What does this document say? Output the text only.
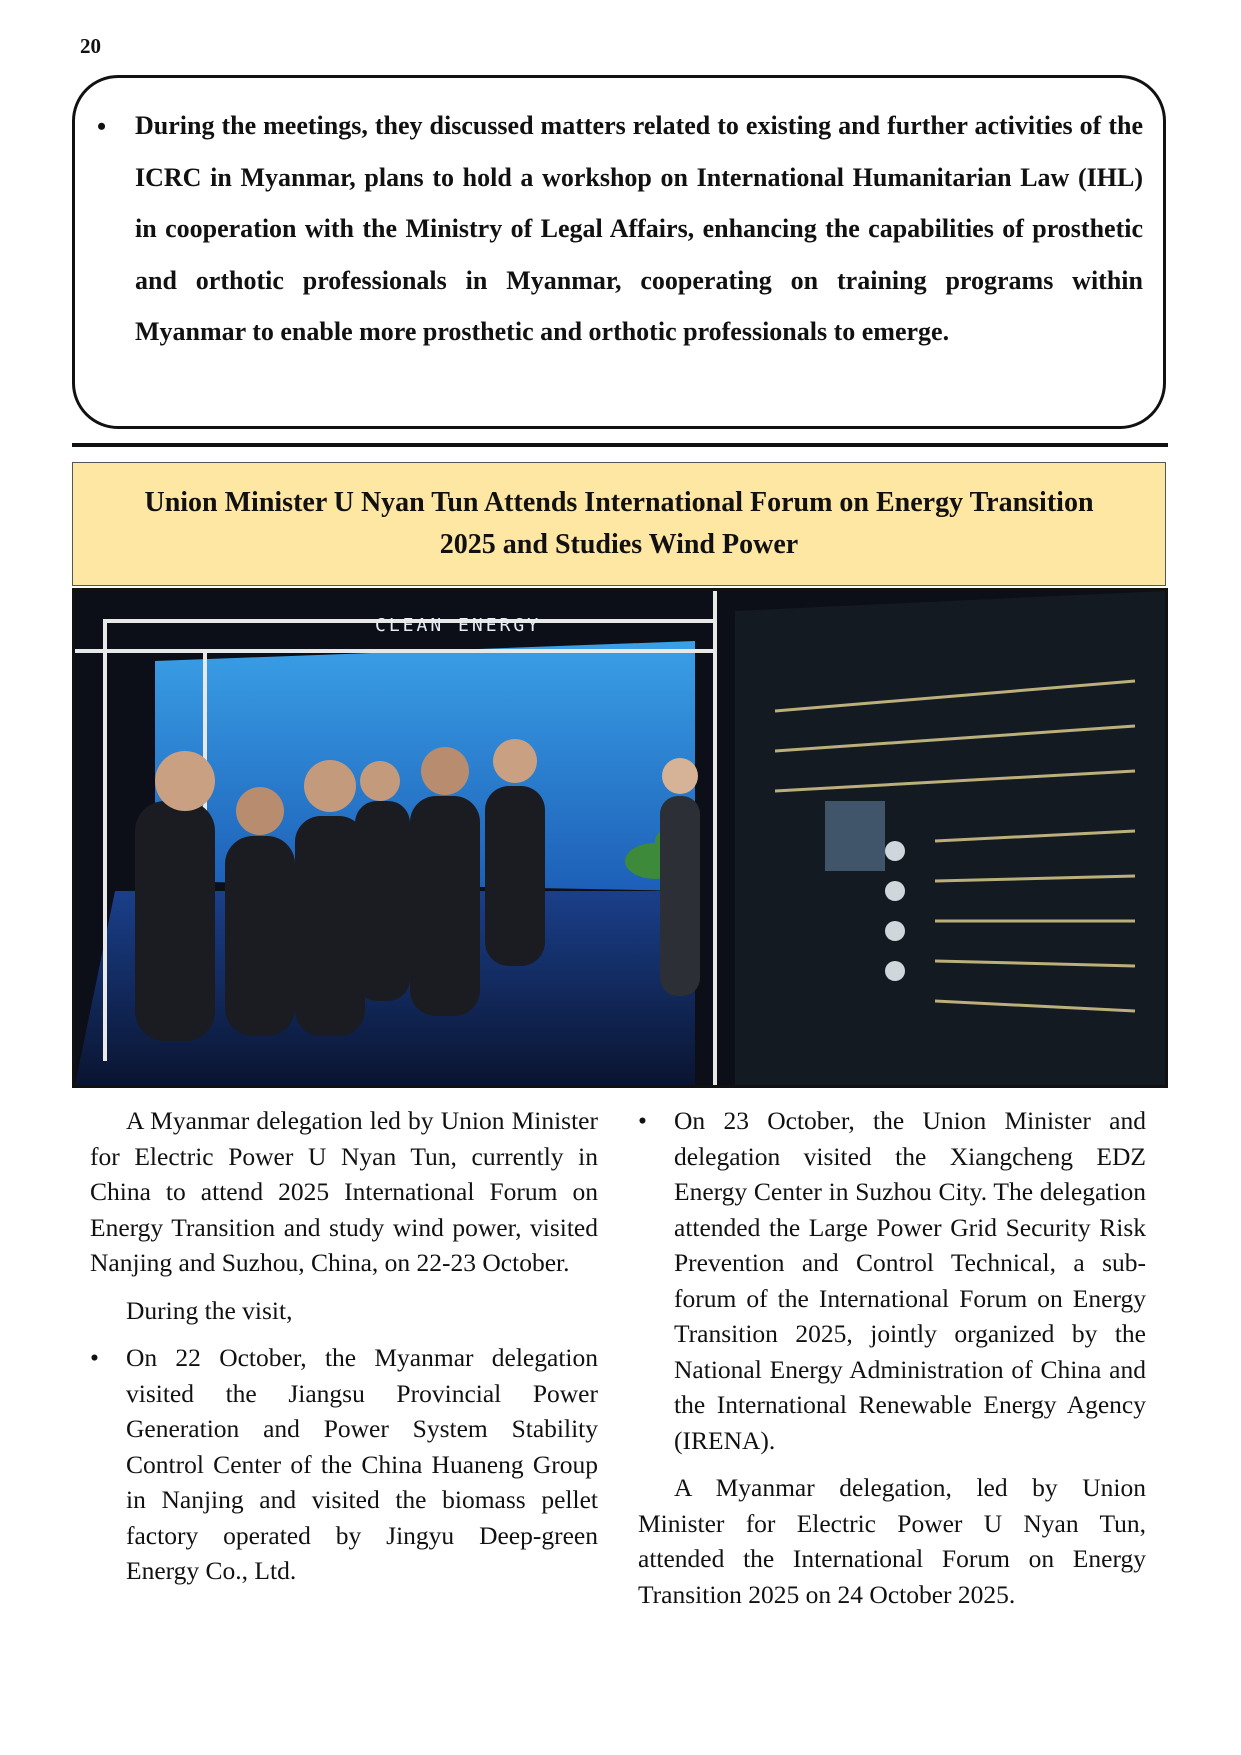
20
• During the meetings, they discussed matters related to existing and further activities of the ICRC in Myanmar, plans to hold a workshop on International Humanitarian Law (IHL) in cooperation with the Ministry of Legal Affairs, enhancing the capabilities of prosthetic and orthotic professionals in Myanmar, cooperating on training programs within Myanmar to enable more prosthetic and orthotic professionals to emerge.

Union Minister U Nyan Tun Attends International Forum on Energy Transition
2025 and Studies Wind Power
CLEAN ENERGY

A Myanmar delegation led by Union Minister for Electric Power U Nyan Tun, currently in China to attend 2025 International Forum on Energy Transition and study wind power, visited Nanjing and Suzhou, China, on 22-23 October.

During the visit,

• On 22 October, the Myanmar delegation visited the Jiangsu Provincial Power Generation and Power System Stability Control Center of the China Huaneng Group in Nanjing and visited the biomass pellet factory operated by Jingyu Deep-green Energy Co., Ltd.

• On 23 October, the Union Minister and delegation visited the Xiangcheng EDZ Energy Center in Suzhou City. The delegation attended the Large Power Grid Security Risk Prevention and Control Technical, a sub-forum of the International Forum on Energy Transition 2025, jointly organized by the National Energy Administration of China and the International Renewable Energy Agency (IRENA).

A Myanmar delegation, led by Union Minister for Electric Power U Nyan Tun, attended the International Forum on Energy Transition 2025 on 24 October 2025.
